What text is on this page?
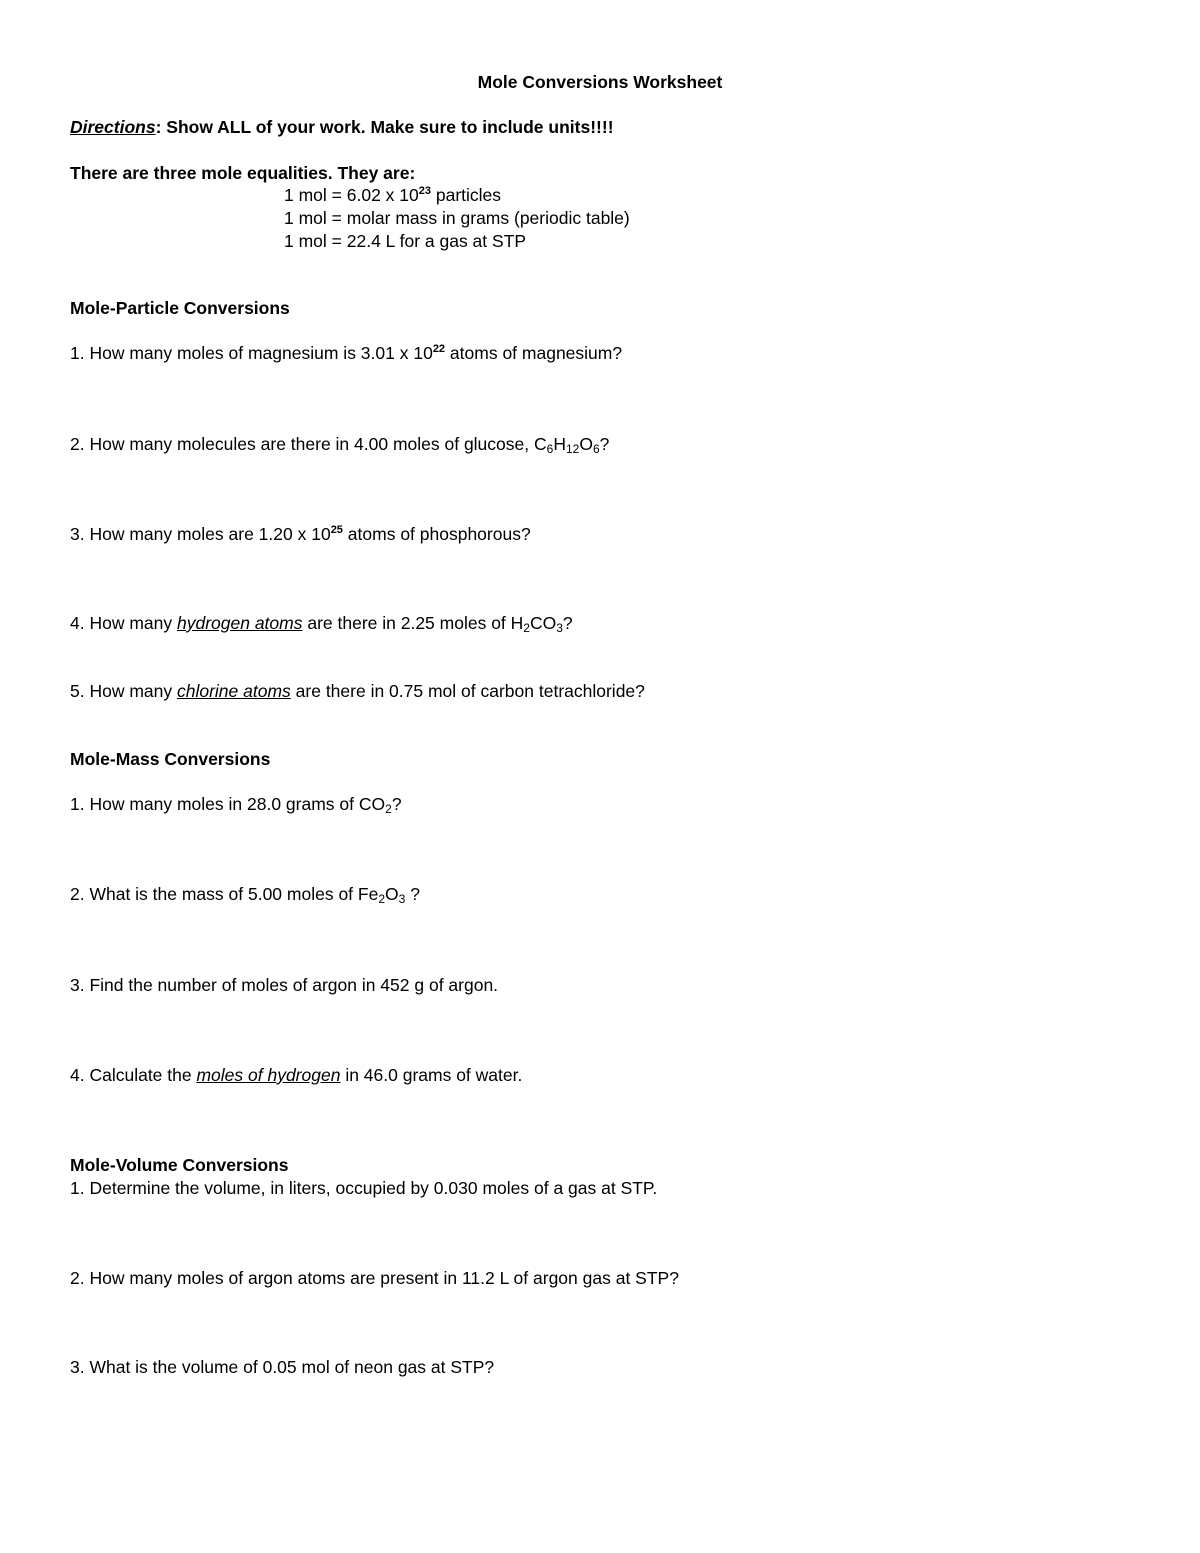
Mole Conversions Worksheet
Directions: Show ALL of your work. Make sure to include units!!!!
There are three mole equalities. They are:
1 mol = 6.02 x $10^{23}$ particles
1 mol = molar mass in grams (periodic table)
1 mol = 22.4 L for a gas at STP
Mole-Particle Conversions
1. How many moles of magnesium is 3.01 x $10^{22}$ atoms of magnesium?
2. How many molecules are there in 4.00 moles of glucose, $C_6H_{12}O_6$?
3. How many moles are 1.20 x $10^{25}$ atoms of phosphorous?
4. How many hydrogen atoms are there in 2.25 moles of $H_2CO_3$?
5. How many chlorine atoms are there in 0.75 mol of carbon tetrachloride?
Mole-Mass Conversions
1. How many moles in 28.0 grams of $CO_2$?
2. What is the mass of 5.00 moles of $Fe_2O_3$ ?
3. Find the number of moles of argon in 452 g of argon.
4. Calculate the moles of hydrogen in 46.0 grams of water.
Mole-Volume Conversions
1. Determine the volume, in liters, occupied by 0.030 moles of a gas at STP.
2. How many moles of argon atoms are present in 11.2 L of argon gas at STP?
3. What is the volume of 0.05 mol of neon gas at STP?
